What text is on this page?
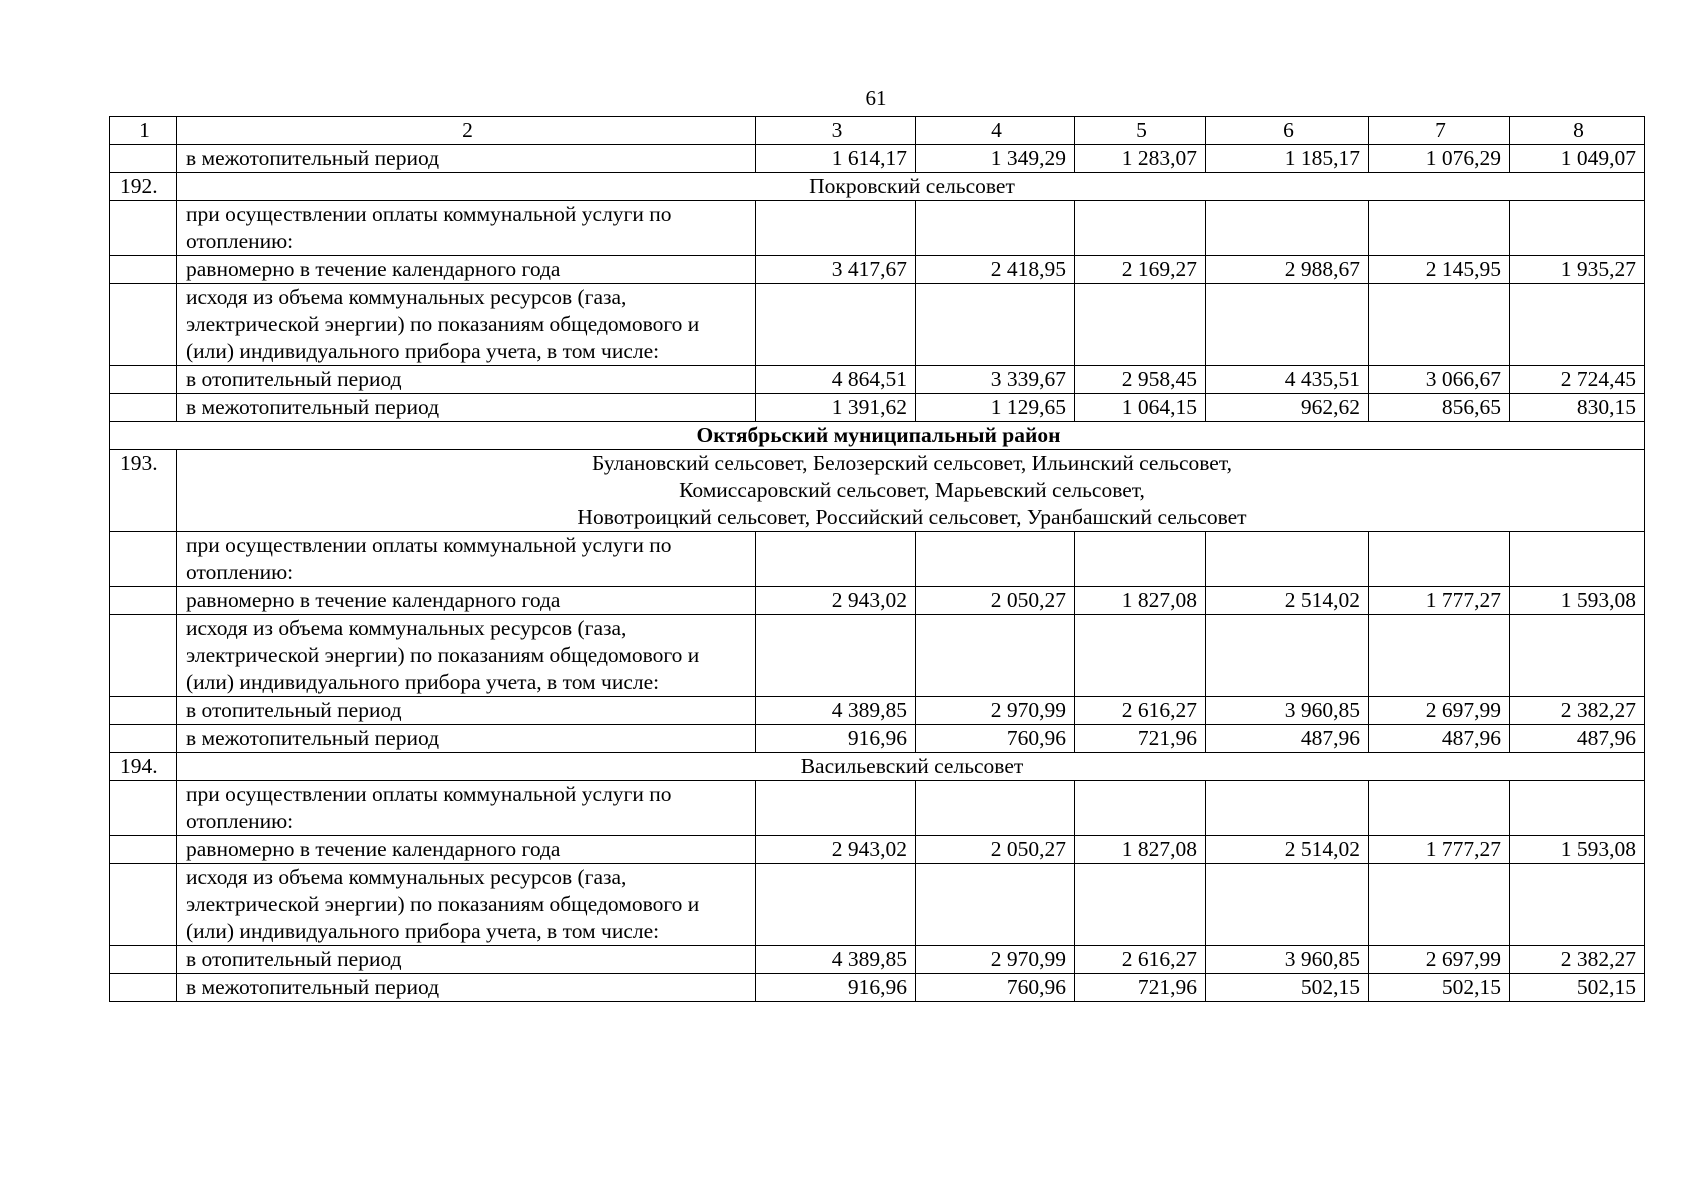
61
1	2	3	4	5	6	7	8
	в межотопительный период	1 614,17	1 349,29	1 283,07	1 185,17	1 076,29	1 049,07
192.	Покровский сельсовет						

	при осуществлении оплаты коммунальной услуги по отоплению:						
	равномерно в течение календарного года	3 417,67	2 418,95	2 169,27	2 988,67	2 145,95	1 935,27
	исходя из объема коммунальных ресурсов (газа, электрической энергии) по показаниям общедомового и (или) индивидуального прибора учета, в том числе:						
	в отопительный период	4 864,51	3 339,67	2 958,45	4 435,51	3 066,67	2 724,45
	в межотопительный период	1 391,62	1 129,65	1 064,15	962,62	856,65	830,15
Октябрьский муниципальный район							
193.	Булановский сельсовет, Белозерский сельсовет, Ильинский сельсовет,
Комиссаровский сельсовет, Марьевский сельсовет,
Новотроицкий сельсовет, Российский сельсовет, Уранбашский сельсовет						

	при осуществлении оплаты коммунальной услуги по отоплению:						
	равномерно в течение календарного года	2 943,02	2 050,27	1 827,08	2 514,02	1 777,27	1 593,08
	исходя из объема коммунальных ресурсов (газа, электрической энергии) по показаниям общедомового и (или) индивидуального прибора учета, в том числе:						
	в отопительный период	4 389,85	2 970,99	2 616,27	3 960,85	2 697,99	2 382,27
	в межотопительный период	916,96	760,96	721,96	487,96	487,96	487,96
194.	Васильевский сельсовет						

	при осуществлении оплаты коммунальной услуги по отоплению:						
	равномерно в течение календарного года	2 943,02	2 050,27	1 827,08	2 514,02	1 777,27	1 593,08
	исходя из объема коммунальных ресурсов (газа, электрической энергии) по показаниям общедомового и (или) индивидуального прибора учета, в том числе:						
	в отопительный период	4 389,85	2 970,99	2 616,27	3 960,85	2 697,99	2 382,27
	в межотопительный период	916,96	760,96	721,96	502,15	502,15	502,15
